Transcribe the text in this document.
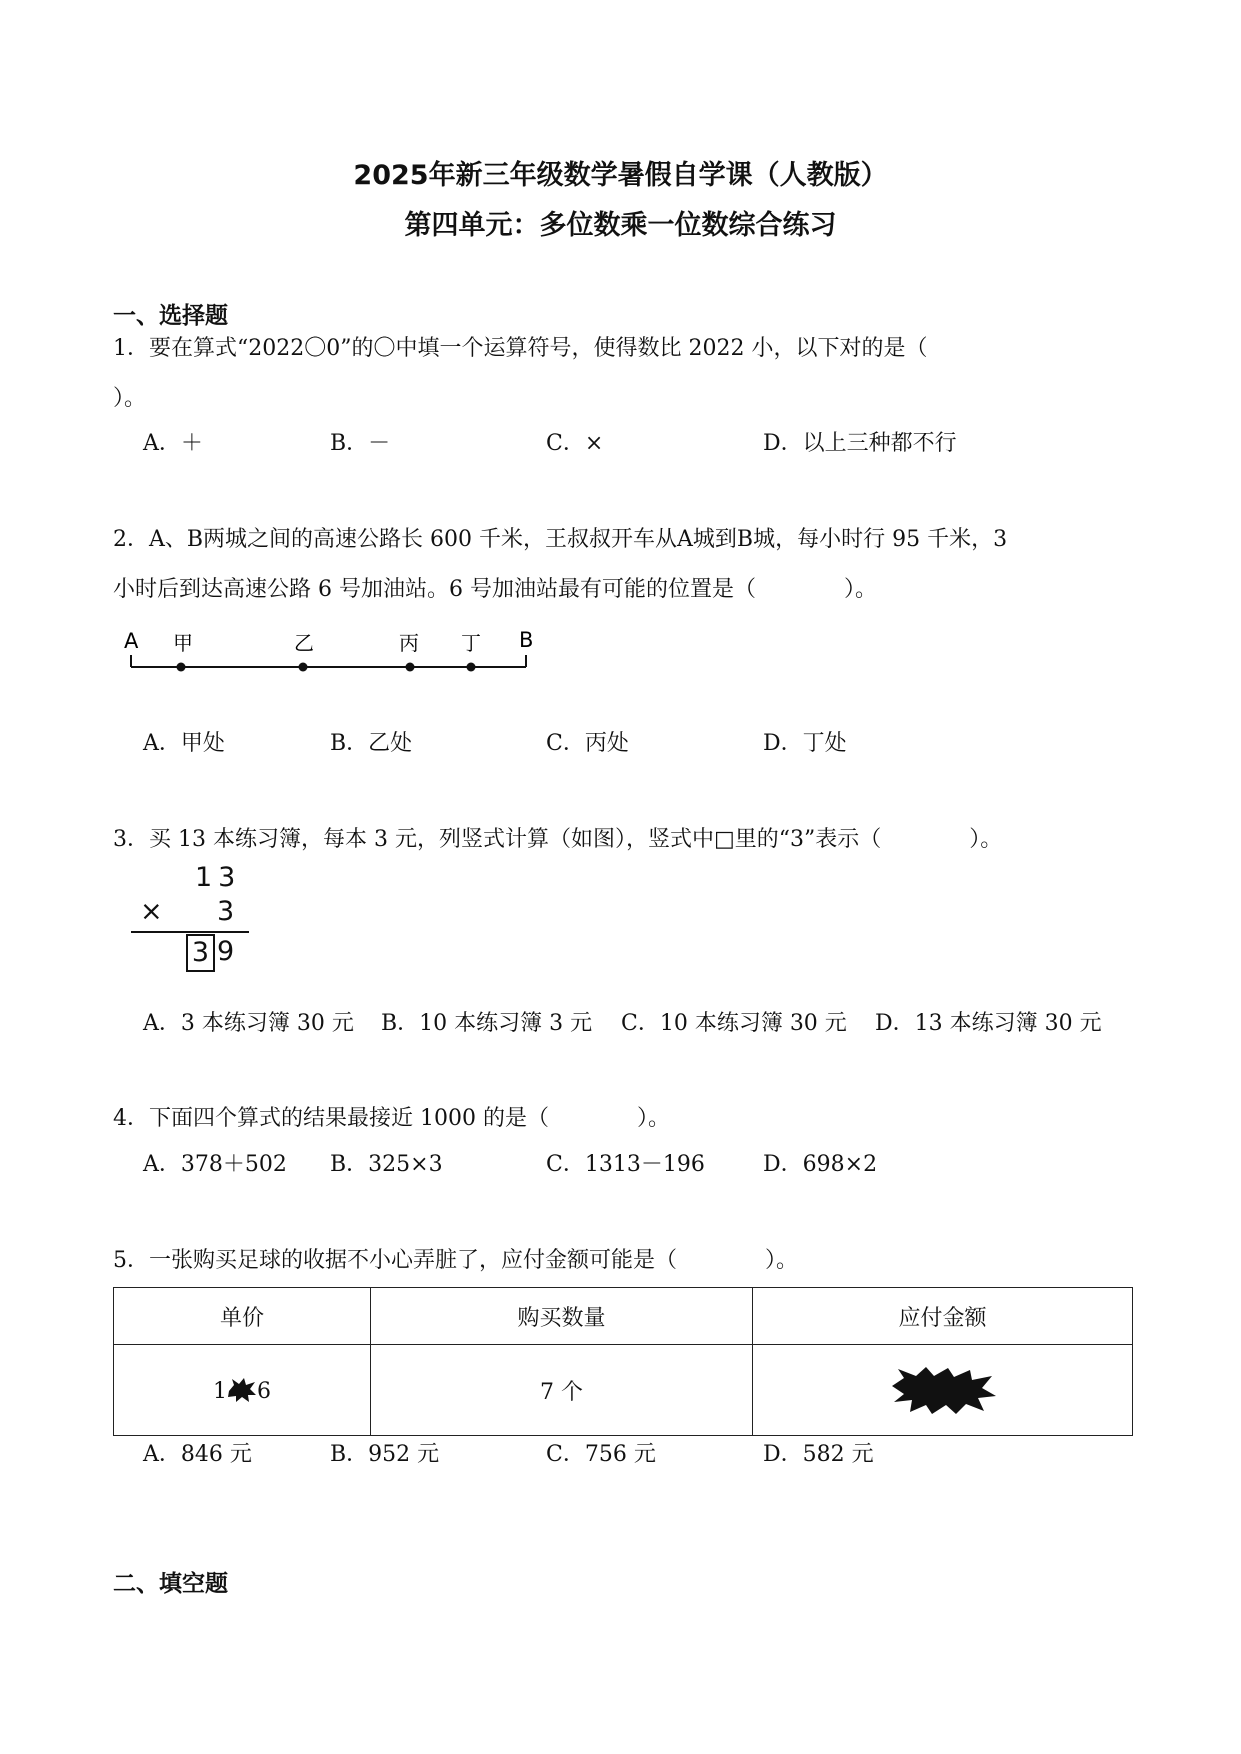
2025年新三年级数学暑假自学课（人教版）
第四单元：多位数乘一位数综合练习
一、选择题
1．要在算式“2022〇0”的〇中填一个运算符号，使得数比 2022 小，以下对的是（
）。
A．＋	B．－	C．×	D．以上三种都不行
2．A、B两城之间的高速公路长 600 千米，王叔叔开车从A城到B城，每小时行 95 千米，3
小时后到达高速公路 6 号加油站。6 号加油站最有可能的位置是（　　　　）。
A 甲	乙	丙 丁 B
A．甲处	B．乙处	C．丙处	D．丁处
3．买 13 本练习簿，每本 3 元，列竖式计算（如图），竖式中□里的“3”表示（　　　　）。
13
× 3
3 9
A．3 本练习簿 30 元 B．10 本练习簿 3 元 C．10 本练习簿 30 元 D．13 本练习簿 30 元
4．下面四个算式的结果最接近 1000 的是（　　　　）。
A．378＋502 B．325×3	C．1313－196	D．698×2
5．一张购买足球的收据不小心弄脏了，应付金额可能是（　　　　）。
单价	购买数量	应付金额
1 6	7 个	
A．846 元	B．952 元	C．756 元	D．582 元
二、填空题
